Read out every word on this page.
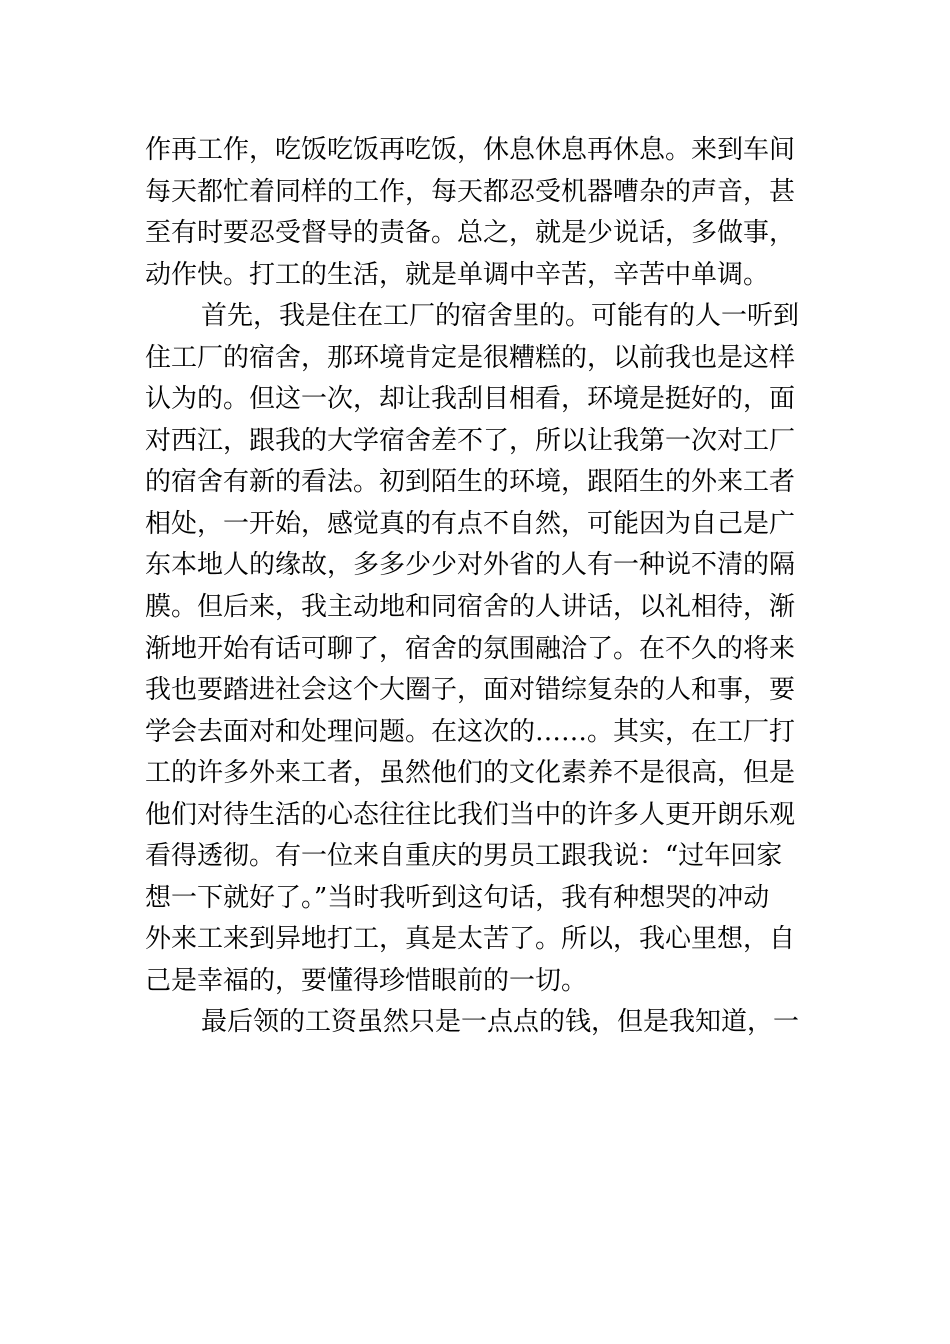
作再工作，吃饭吃饭再吃饭，休息休息再休息。来到车间
每天都忙着同样的工作，每天都忍受机器嘈杂的声音，甚
至有时要忍受督导的责备。总之，就是少说话，多做事，
动作快。打工的生活，就是单调中辛苦，辛苦中单调。
首先，我是住在工厂的宿舍里的。可能有的人一听到
住工厂的宿舍，那环境肯定是很糟糕的，以前我也是这样
认为的。但这一次，却让我刮目相看，环境是挺好的，面
对西江，跟我的大学宿舍差不了，所以让我第一次对工厂
的宿舍有新的看法。初到陌生的环境，跟陌生的外来工者
相处，一开始，感觉真的有点不自然，可能因为自己是广
东本地人的缘故，多多少少对外省的人有一种说不清的隔
膜。但后来，我主动地和同宿舍的人讲话，以礼相待，渐
渐地开始有话可聊了，宿舍的氛围融洽了。在不久的将来
我也要踏进社会这个大圈子，面对错综复杂的人和事，要
学会去面对和处理问题。在这次的……。其实，在工厂打
工的许多外来工者，虽然他们的文化素养不是很高，但是
他们对待生活的心态往往比我们当中的许多人更开朗乐观
看得透彻。有一位来自重庆的男员工跟我说：“过年回家
想一下就好了。”当时我听到这句话，我有种想哭的冲动
外来工来到异地打工，真是太苦了。所以，我心里想，自
己是幸福的，要懂得珍惜眼前的一切。
最后领的工资虽然只是一点点的钱，但是我知道，一
